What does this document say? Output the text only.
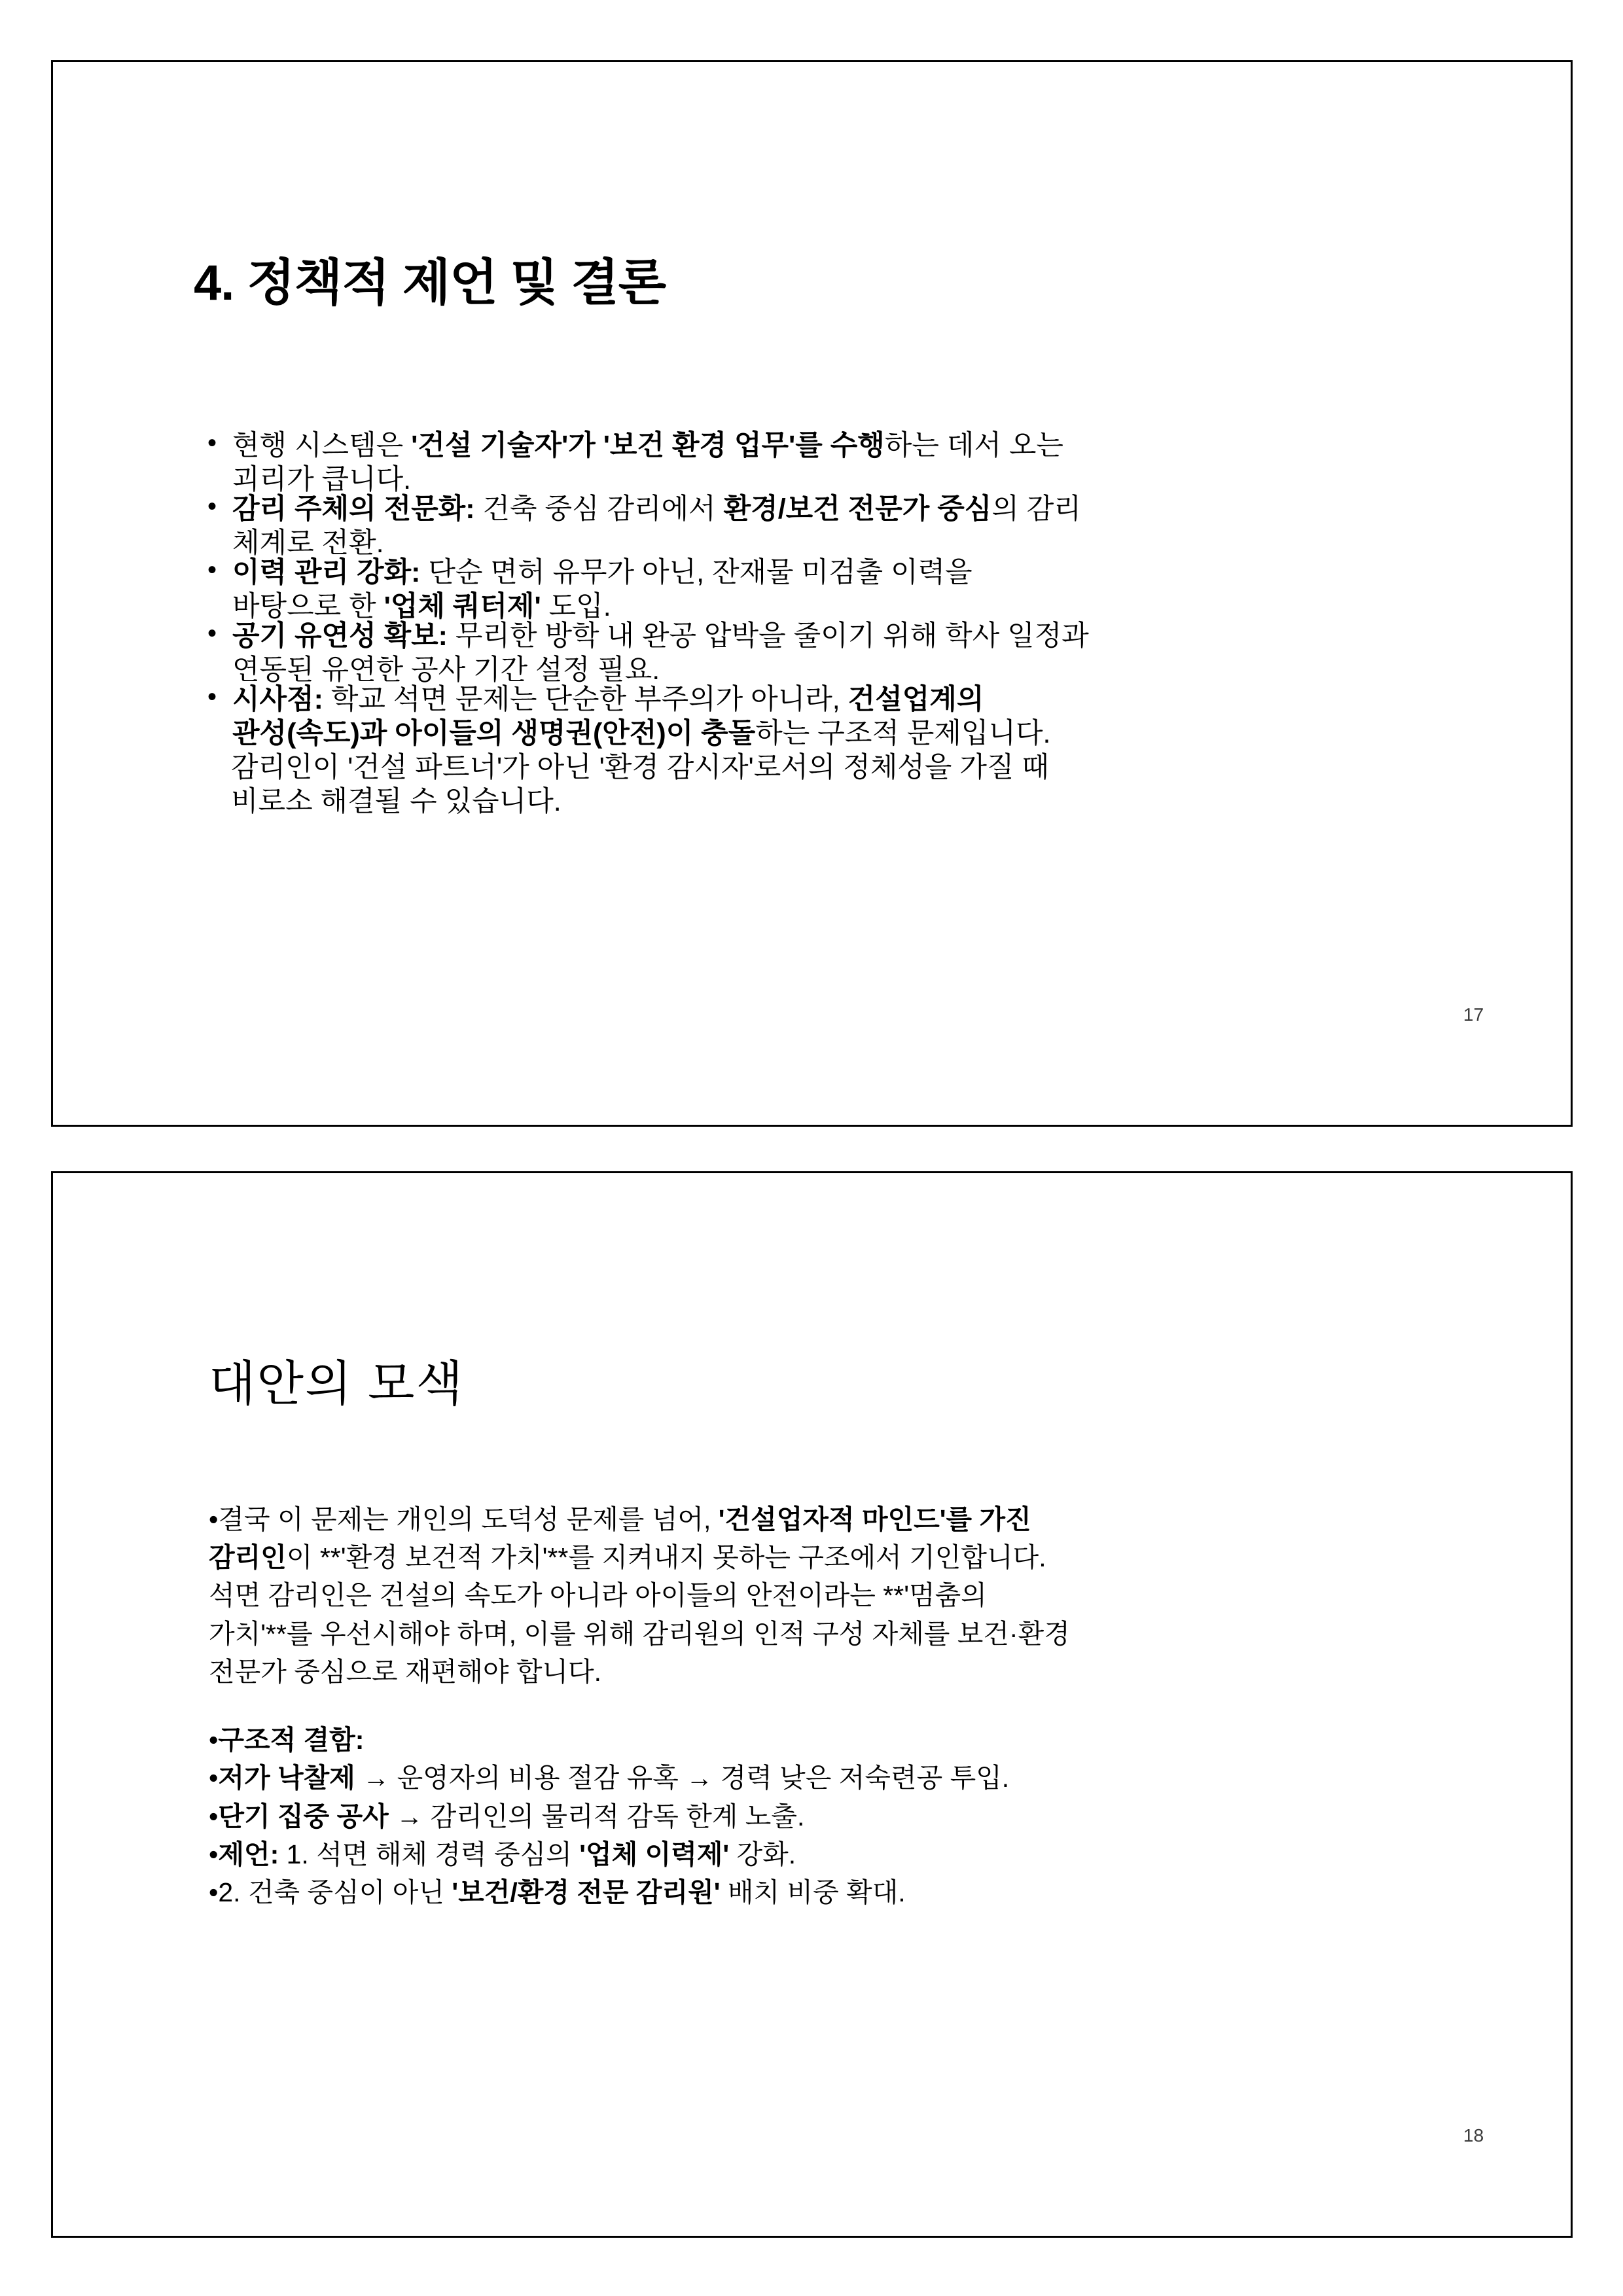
4. 정책적 제언 및 결론
• 현행 시스템은 '건설 기술자'가 '보건 환경 업무'를 수행하는 데서 오는
괴리가 큽니다.
• 감리 주체의 전문화: 건축 중심 감리에서 환경/보건 전문가 중심의 감리
체계로 전환.
• 이력 관리 강화: 단순 면허 유무가 아닌, 잔재물 미검출 이력을
바탕으로 한 '업체 쿼터제' 도입.
• 공기 유연성 확보: 무리한 방학 내 완공 압박을 줄이기 위해 학사 일정과
연동된 유연한 공사 기간 설정 필요.
• 시사점: 학교 석면 문제는 단순한 부주의가 아니라, 건설업계의
관성(속도)과 아이들의 생명권(안전)이 충돌하는 구조적 문제입니다.
감리인이 '건설 파트너'가 아닌 '환경 감시자'로서의 정체성을 가질 때
비로소 해결될 수 있습니다.
17
대안의 모색
•결국 이 문제는 개인의 도덕성 문제를 넘어, '건설업자적 마인드'를 가진
감리인이 **'환경 보건적 가치'**를 지켜내지 못하는 구조에서 기인합니다.
석면 감리인은 건설의 속도가 아니라 아이들의 안전이라는 **'멈춤의
가치'**를 우선시해야 하며, 이를 위해 감리원의 인적 구성 자체를 보건·환경
전문가 중심으로 재편해야 합니다.
•구조적 결함:
•저가 낙찰제 → 운영자의 비용 절감 유혹 → 경력 낮은 저숙련공 투입.
•단기 집중 공사 → 감리인의 물리적 감독 한계 노출.
•제언: 1. 석면 해체 경력 중심의 '업체 이력제' 강화.
•2. 건축 중심이 아닌 '보건/환경 전문 감리원' 배치 비중 확대.
18
